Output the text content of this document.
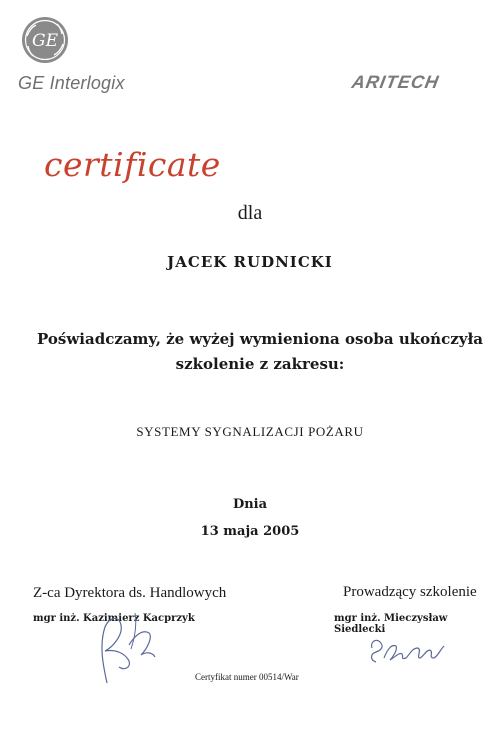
GE
GE Interlogix	ARITECH
certificate
dla
JACEK RUDNICKI
Poświadczamy, że wyżej wymieniona osoba ukończyła szkolenie z zakresu:
SYSTEMY SYGNALIZACJI POŻARU
Dnia
13 maja 2005
Z-ca Dyrektora ds. Handlowych
mgr inż. Kazimierz Kacprzyk
Prowadzący szkolenie
mgr inż. Mieczysław Siedlecki
Certyfikat numer 00514/War
